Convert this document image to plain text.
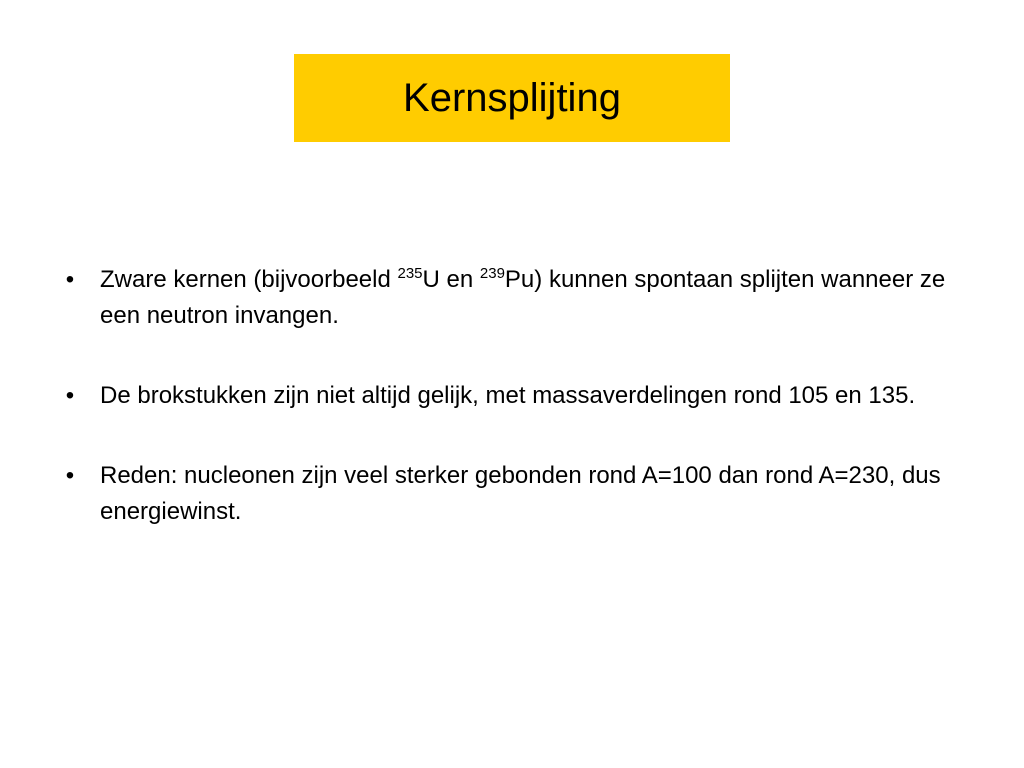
Kernsplijting
• Zware kernen (bijvoorbeeld $^{235}$U en $^{239}$Pu) kunnen spontaan splijten wanneer ze een neutron invangen.
• De brokstukken zijn niet altijd gelijk, met massaverdelingen rond 105 en 135.
• Reden: nucleonen zijn veel sterker gebonden rond A=100 dan rond A=230, dus energiewinst.
